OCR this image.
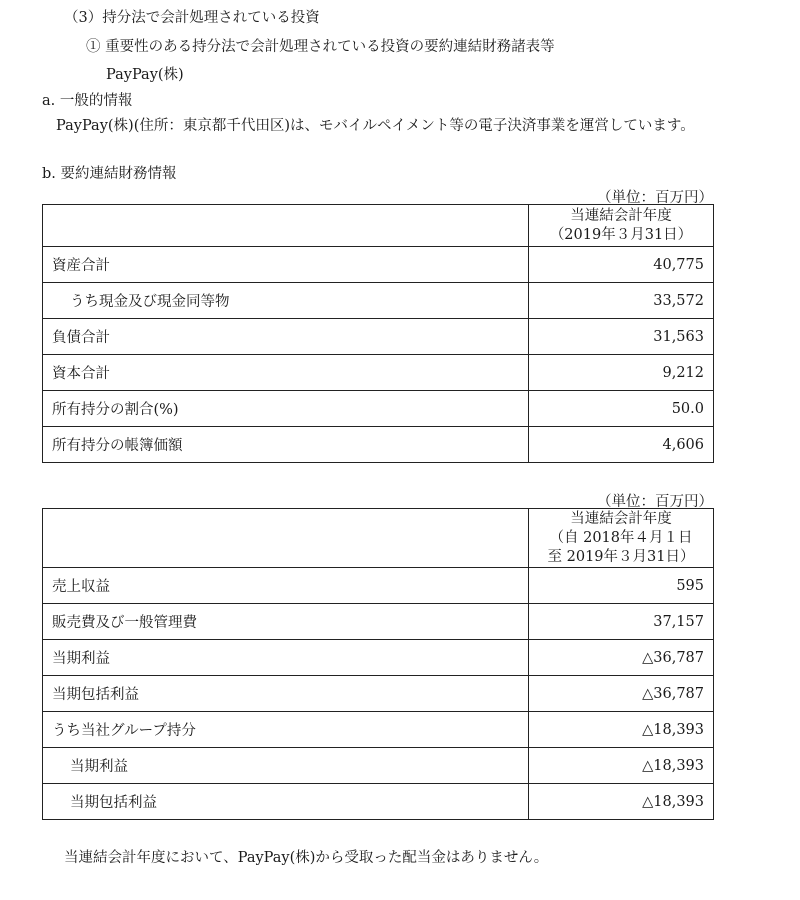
（3）持分法で会計処理されている投資
① 重要性のある持分法で会計処理されている投資の要約連結財務諸表等
PayPay(株)
a. 一般的情報
PayPay(株)(住所：東京都千代田区)は、モバイルペイメント等の電子決済事業を運営しています。
b. 要約連結財務情報
（単位：百万円）

	当連結会計年度
（2019年３月31日）

資産合計	40,775
うち現金及び現金同等物	33,572
負債合計	31,563
資本合計	9,212
所有持分の割合(%)	50.0
所有持分の帳簿価額	4,606
（単位：百万円）

	当連結会計年度
（自 2018年４月１日
至 2019年３月31日）

売上収益	595
販売費及び一般管理費	37,157
当期利益	△36,787
当期包括利益	△36,787
うち当社グループ持分	△18,393
当期利益	△18,393
当期包括利益	△18,393
当連結会計年度において、PayPay(株)から受取った配当金はありません。
